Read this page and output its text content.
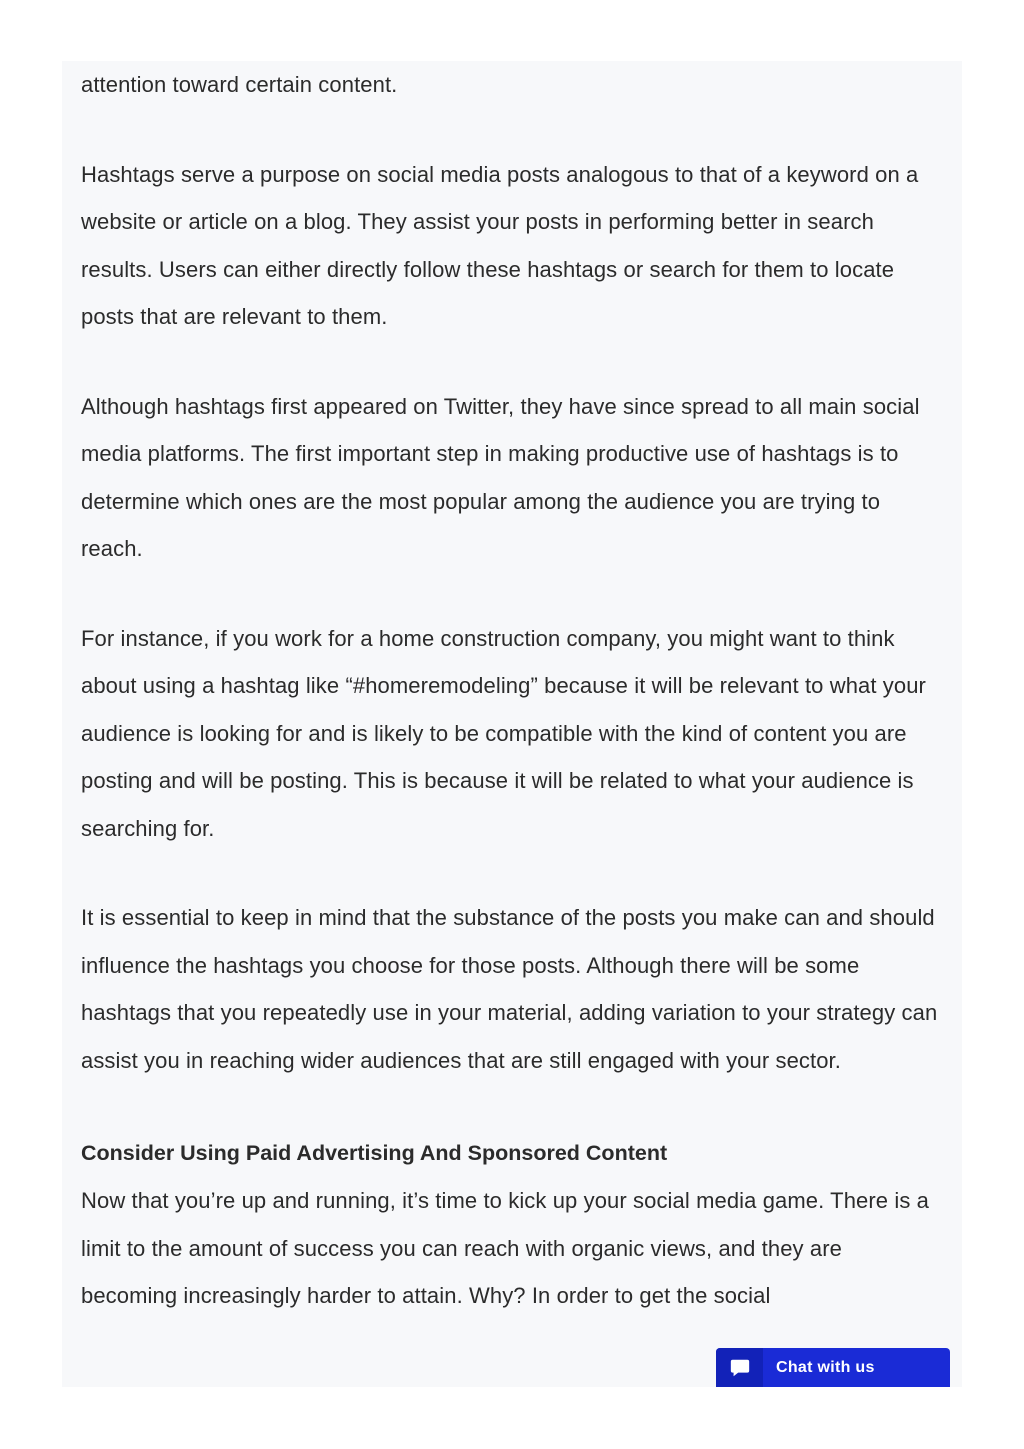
attention toward certain content.

Hashtags serve a purpose on social media posts analogous to that of a keyword on a website or article on a blog. They assist your posts in performing better in search results. Users can either directly follow these hashtags or search for them to locate posts that are relevant to them.

Although hashtags first appeared on Twitter, they have since spread to all main social media platforms. The first important step in making productive use of hashtags is to determine which ones are the most popular among the audience you are trying to reach.

For instance, if you work for a home construction company, you might want to think about using a hashtag like “#homeremodeling” because it will be relevant to what your audience is looking for and is likely to be compatible with the kind of content you are posting and will be posting. This is because it will be related to what your audience is searching for.

It is essential to keep in mind that the substance of the posts you make can and should influence the hashtags you choose for those posts. Although there will be some hashtags that you repeatedly use in your material, adding variation to your strategy can assist you in reaching wider audiences that are still engaged with your sector.

Consider Using Paid Advertising And Sponsored Content

Now that you’re up and running, it’s time to kick up your social media game. There is a limit to the amount of success you can reach with organic views, and they are becoming increasingly harder to attain. Why? In order to get the social

Chat with us
